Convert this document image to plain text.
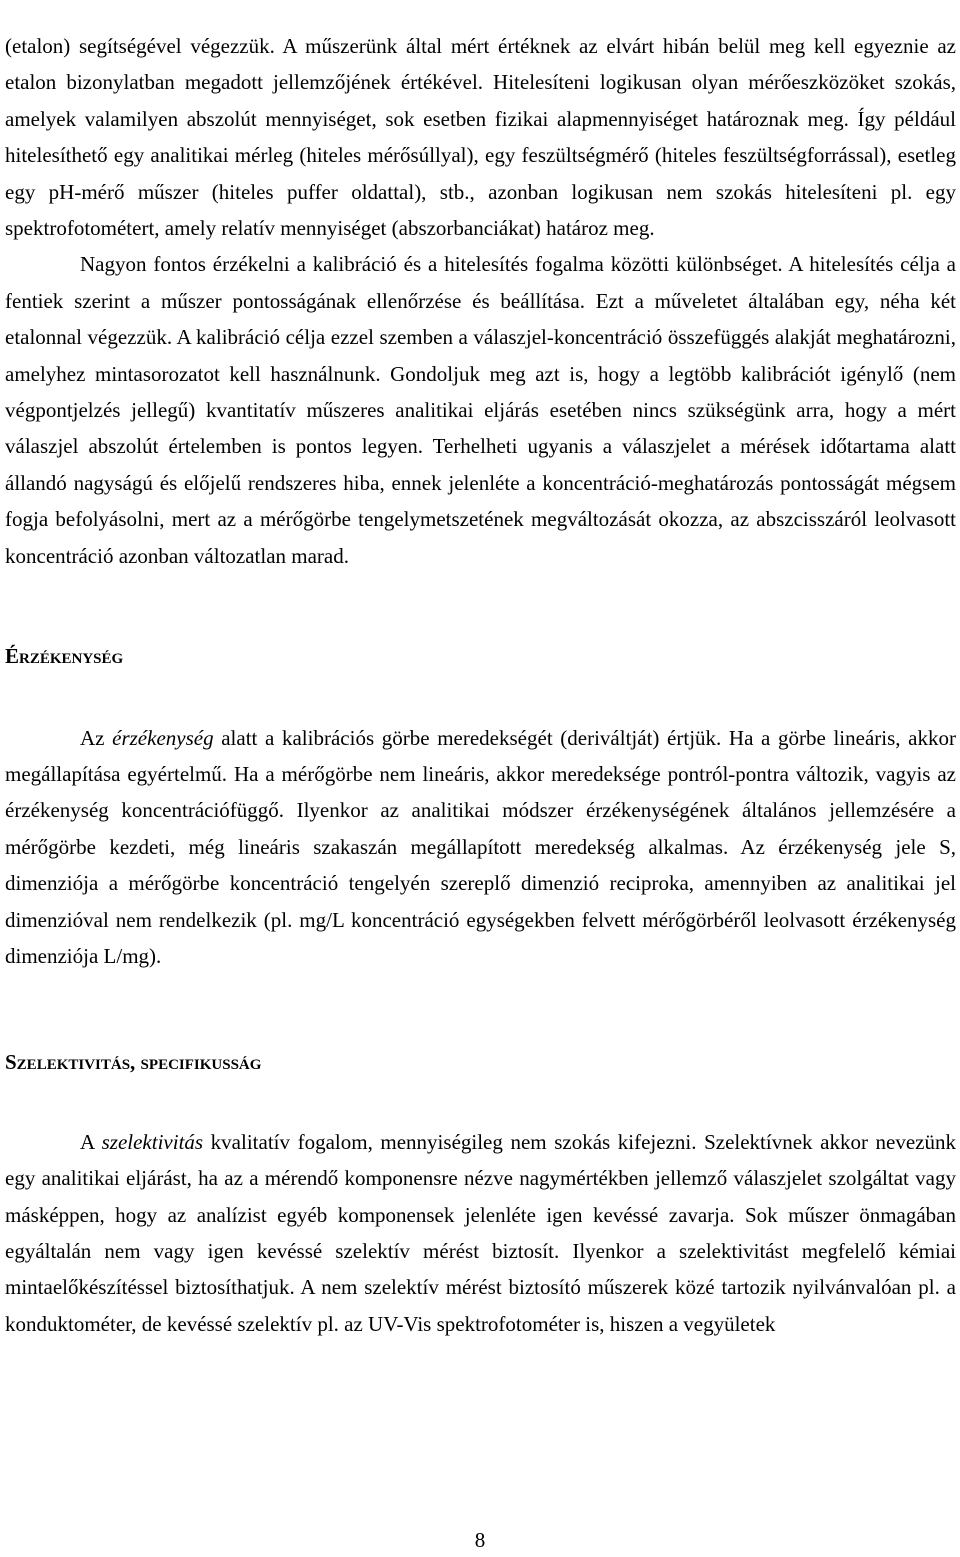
(etalon) segítségével végezzük. A műszerünk által mért értéknek az elvárt hibán belül meg kell egyeznie az etalon bizonylatban megadott jellemzőjének értékével. Hitelesíteni logikusan olyan mérőeszközöket szokás, amelyek valamilyen abszolút mennyiséget, sok esetben fizikai alapmennyiséget határoznak meg. Így például hitelesíthető egy analitikai mérleg (hiteles mérősúllyal), egy feszültségmérő (hiteles feszültségforrással), esetleg egy pH-mérő műszer (hiteles puffer oldattal), stb., azonban logikusan nem szokás hitelesíteni pl. egy spektrofotométert, amely relatív mennyiséget (abszorbanciákat) határoz meg.

Nagyon fontos érzékelni a kalibráció és a hitelesítés fogalma közötti különbséget. A hitelesítés célja a fentiek szerint a műszer pontosságának ellenőrzése és beállítása. Ezt a műveletet általában egy, néha két etalonnal végezzük. A kalibráció célja ezzel szemben a válaszjel-koncentráció összefüggés alakját meghatározni, amelyhez mintasorozatot kell használnunk. Gondoljuk meg azt is, hogy a legtöbb kalibrációt igénylő (nem végpontjelzés jellegű) kvantitatív műszeres analitikai eljárás esetében nincs szükségünk arra, hogy a mért válaszjel abszolút értelemben is pontos legyen. Terhelheti ugyanis a válaszjelet a mérések időtartama alatt állandó nagyságú és előjelű rendszeres hiba, ennek jelenléte a koncentráció-meghatározás pontosságát mégsem fogja befolyásolni, mert az a mérőgörbe tengelymetszetének megváltozását okozza, az abszcisszáról leolvasott koncentráció azonban változatlan marad.

Érzékenység

Az érzékenység alatt a kalibrációs görbe meredekségét (deriváltját) értjük. Ha a görbe lineáris, akkor megállapítása egyértelmű. Ha a mérőgörbe nem lineáris, akkor meredeksége pontról-pontra változik, vagyis az érzékenység koncentrációfüggő. Ilyenkor az analitikai módszer érzékenységének általános jellemzésére a mérőgörbe kezdeti, még lineáris szakaszán megállapított meredekség alkalmas. Az érzékenység jele S, dimenziója a mérőgörbe koncentráció tengelyén szereplő dimenzió reciproka, amennyiben az analitikai jel dimenzióval nem rendelkezik (pl. mg/L koncentráció egységekben felvett mérőgörbéről leolvasott érzékenység dimenziója L/mg).

Szelektivitás, specifikusság

A szelektivitás kvalitatív fogalom, mennyiségileg nem szokás kifejezni. Szelektívnek akkor nevezünk egy analitikai eljárást, ha az a mérendő komponensre nézve nagymértékben jellemző válaszjelet szolgáltat vagy másképpen, hogy az analízist egyéb komponensek jelenléte igen kevéssé zavarja. Sok műszer önmagában egyáltalán nem vagy igen kevéssé szelektív mérést biztosít. Ilyenkor a szelektivitást megfelelő kémiai mintaelőkészítéssel biztosíthatjuk. A nem szelektív mérést biztosító műszerek közé tartozik nyilvánvalóan pl. a konduktométer, de kevéssé szelektív pl. az UV-Vis spektrofotométer is, hiszen a vegyületek

8
